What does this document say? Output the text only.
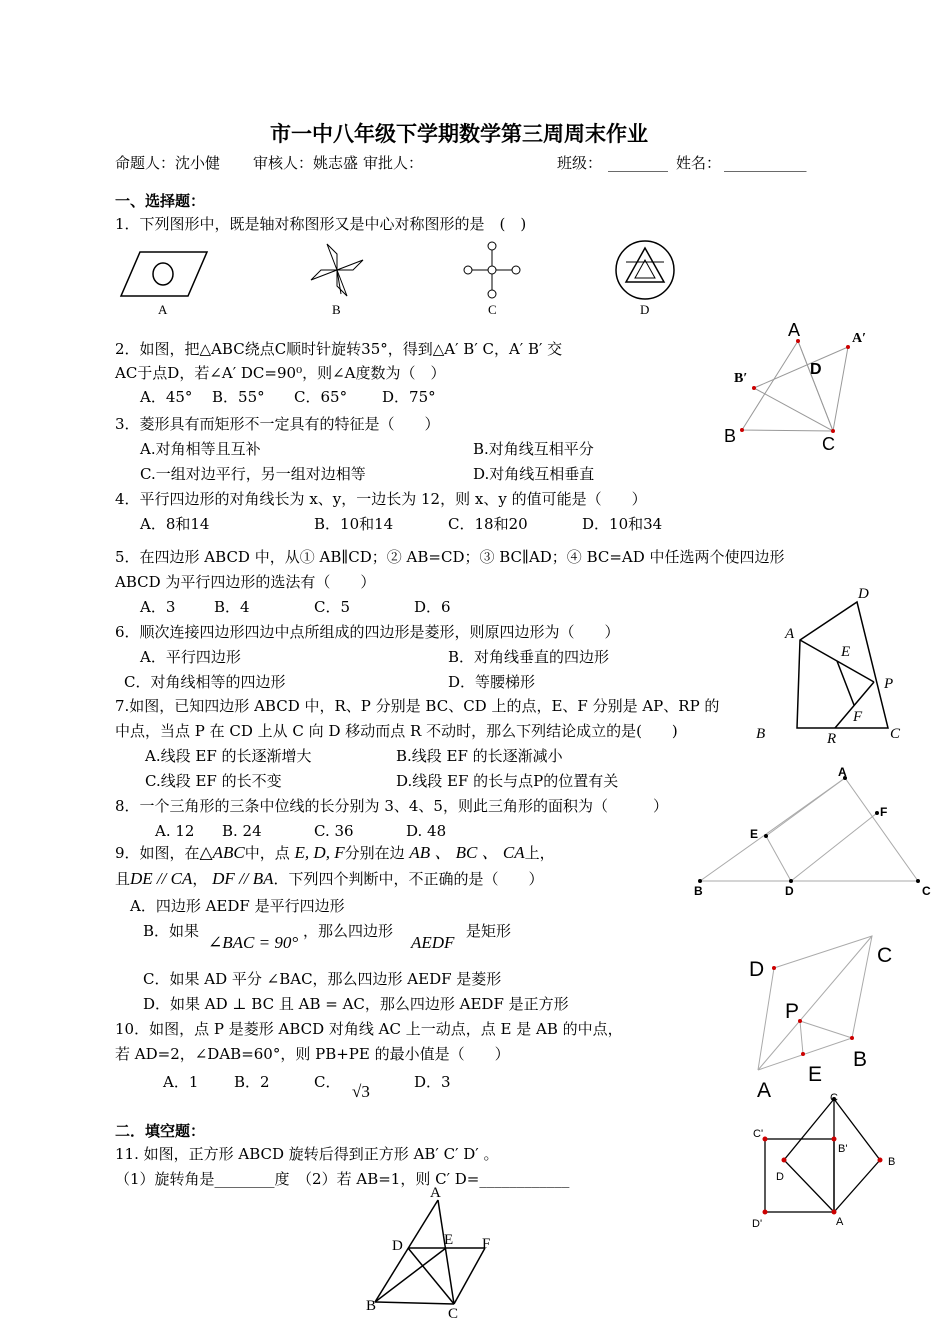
市一中八年级下学期数学第三周周末作业
命题人：沈小健 审核人：姚志盛 审批人：	班级： ________ 姓名： ___________
一、选择题：
1．下列图形中，既是轴对称图形又是中心对称图形的是　(　)
A	B	C	D
2．如图，把△ABC绕点C顺时针旋转35°，得到△A′ B′ C，A′ B′ 交
AC于点D，若∠A′ DC=90⁰，则∠A度数为（　）
A．45° B．55° C．65° D．75°
A	A′
B′
D
B	C
3．菱形具有而矩形不一定具有的特征是（　　）
A.对角相等且互补	B.对角线互相平分
C.一组对边平行，另一组对边相等	D.对角线互相垂直
4．平行四边形的对角线长为 x、y，一边长为 12，则 x、y 的值可能是（　　）
A．8和14	B．10和14	C．18和20	D．10和34
5．在四边形 ABCD 中，从① AB∥CD；② AB=CD；③ BC∥AD；④ BC=AD 中任选两个使四边形
ABCD 为平行四边形的选法有（　　）
A．3	B．4	C．5	D．6
6．顺次连接四边形四边中点所组成的四边形是菱形，则原四边形为（　　）
A．平行四边形	B．对角线垂直的四边形
C．对角线相等的四边形	D．等腰梯形
A
D
E
P
F
B	R	C
7.如图，已知四边形 ABCD 中，R、P 分别是 BC、CD 上的点，E、F 分别是 AP、RP 的
中点，当点 P 在 CD 上从 C 向 D 移动而点 R 不动时，那么下列结论成立的是(　　)
A.线段 EF 的长逐渐增大	B.线段 EF 的长逐渐减小
C.线段 EF 的长不变	D.线段 EF 的长与点P的位置有关
8．一个三角形的三条中位线的长分别为 3、4、5，则此三角形的面积为（　　　）
A. 12 B. 24	C. 36	D. 48
A
F
E
B	D	C
9．如图，在△ABC中，点 E, D, F分别在边 AB 、 BC 、 CA上，
且DE // CA， DF // BA．下列四个判断中，不正确的是（　　）
A．四边形 AEDF 是平行四边形
B．如果
∠BAC = 90°
，那么四边形
AEDF
是矩形
C．如果 AD 平分 ∠BAC，那么四边形 AEDF 是菱形
D．如果 AD ⊥ BC 且 AB = AC，那么四边形 AEDF 是正方形
D
C
P
B
E
A
10．如图，点 P 是菱形 ABCD 对角线 AC 上一动点，点 E 是 AB 的中点，
若 AD=2，∠DAB=60°，则 PB+PE 的最小值是（　　）
A．1 B．2	C． √3	D．3
二．填空题：
11. 如图，正方形 ABCD 旋转后得到正方形 AB′ C′ D′ 。
（1）旋转角是________度　（2）若 AB=1，则 C′ D=____________
C
C'
B'
D
B
D'	A
A
D	E F
B	C
